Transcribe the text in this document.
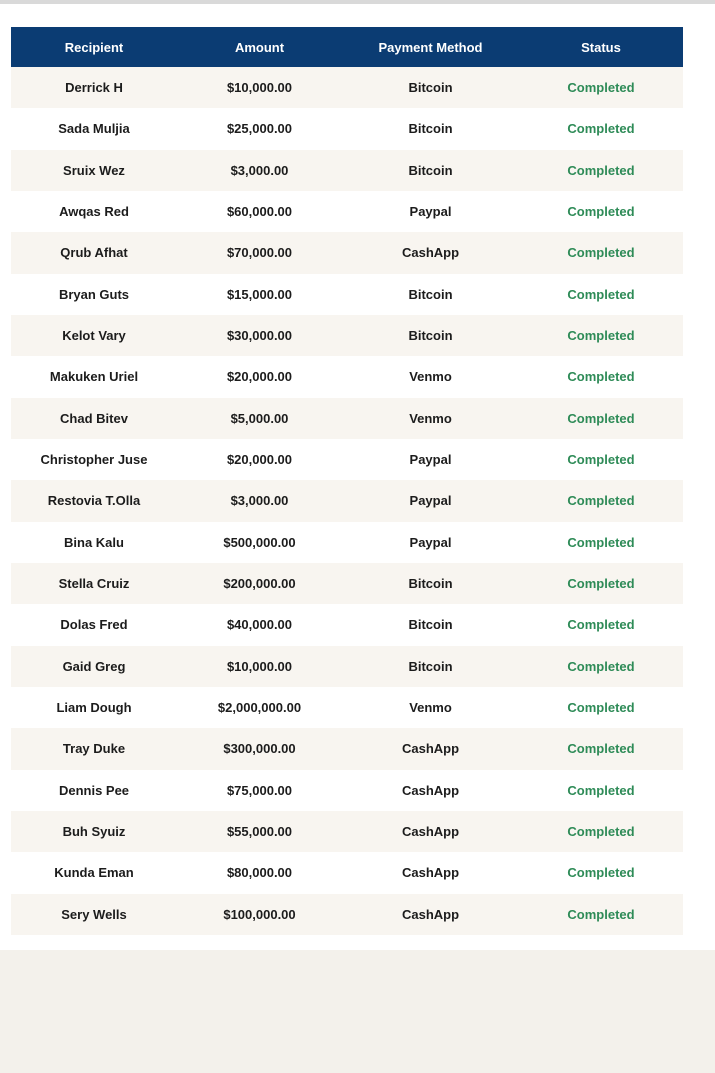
Recipient	Amount	Payment Method	Status
Derrick H	$10,000.00	Bitcoin	Completed
Sada Muljia	$25,000.00	Bitcoin	Completed
Sruix Wez	$3,000.00	Bitcoin	Completed
Awqas Red	$60,000.00	Paypal	Completed
Qrub Afhat	$70,000.00	CashApp	Completed
Bryan Guts	$15,000.00	Bitcoin	Completed
Kelot Vary	$30,000.00	Bitcoin	Completed
Makuken Uriel	$20,000.00	Venmo	Completed
Chad Bitev	$5,000.00	Venmo	Completed
Christopher Juse	$20,000.00	Paypal	Completed
Restovia T.Olla	$3,000.00	Paypal	Completed
Bina Kalu	$500,000.00	Paypal	Completed
Stella Cruiz	$200,000.00	Bitcoin	Completed
Dolas Fred	$40,000.00	Bitcoin	Completed
Gaid Greg	$10,000.00	Bitcoin	Completed
Liam Dough	$2,000,000.00	Venmo	Completed
Tray Duke	$300,000.00	CashApp	Completed
Dennis Pee	$75,000.00	CashApp	Completed
Buh Syuiz	$55,000.00	CashApp	Completed
Kunda Eman	$80,000.00	CashApp	Completed
Sery Wells	$100,000.00	CashApp	Completed
